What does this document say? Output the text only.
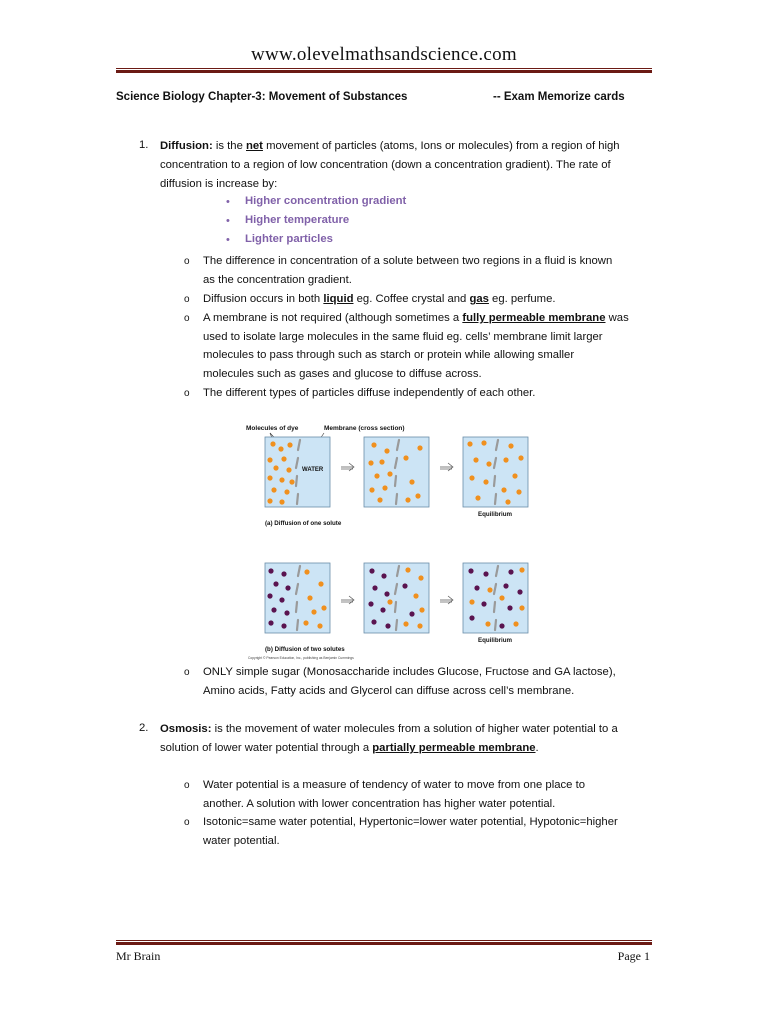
www.olevelmathsandscience.com
Science Biology Chapter-3: Movement of Substances	-- Exam Memorize cards
1. Diffusion: is the net movement of particles (atoms, Ions or molecules) from a region of high
concentration to a region of low concentration (down a concentration gradient). The rate of
diffusion is increase by:
• Higher concentration gradient
• Higher temperature
• Lighter particles
o The difference in concentration of a solute between two regions in a fluid is known
as the concentration gradient.
o Diffusion occurs in both liquid eg. Coffee crystal and gas eg. perfume.
o A membrane is not required (although sometimes a fully permeable membrane was
used to isolate large molecules in the same fluid eg. cells’ membrane limit larger
molecules to pass through such as starch or protein while allowing smaller
molecules such as gases and glucose to diffuse across.
o The different types of particles diffuse independently of each other.
Molecules of dye	Membrane (cross section)
WATER
(a) Diffusion of one solute
Equilibrium
(b) Diffusion of two solutes
Equilibrium
Copyright © Pearson Education, Inc., publishing as Benjamin Cummings
o ONLY simple sugar (Monosaccharide includes Glucose, Fructose and GA lactose),
Amino acids, Fatty acids and Glycerol can diffuse across cell’s membrane.
2. Osmosis: is the movement of water molecules from a solution of higher water potential to a
solution of lower water potential through a partially permeable membrane.
o Water potential is a measure of tendency of water to move from one place to
another. A solution with lower concentration has higher water potential.
o Isotonic=same water potential, Hypertonic=lower water potential, Hypotonic=higher
water potential.
Mr Brain	Page 1
